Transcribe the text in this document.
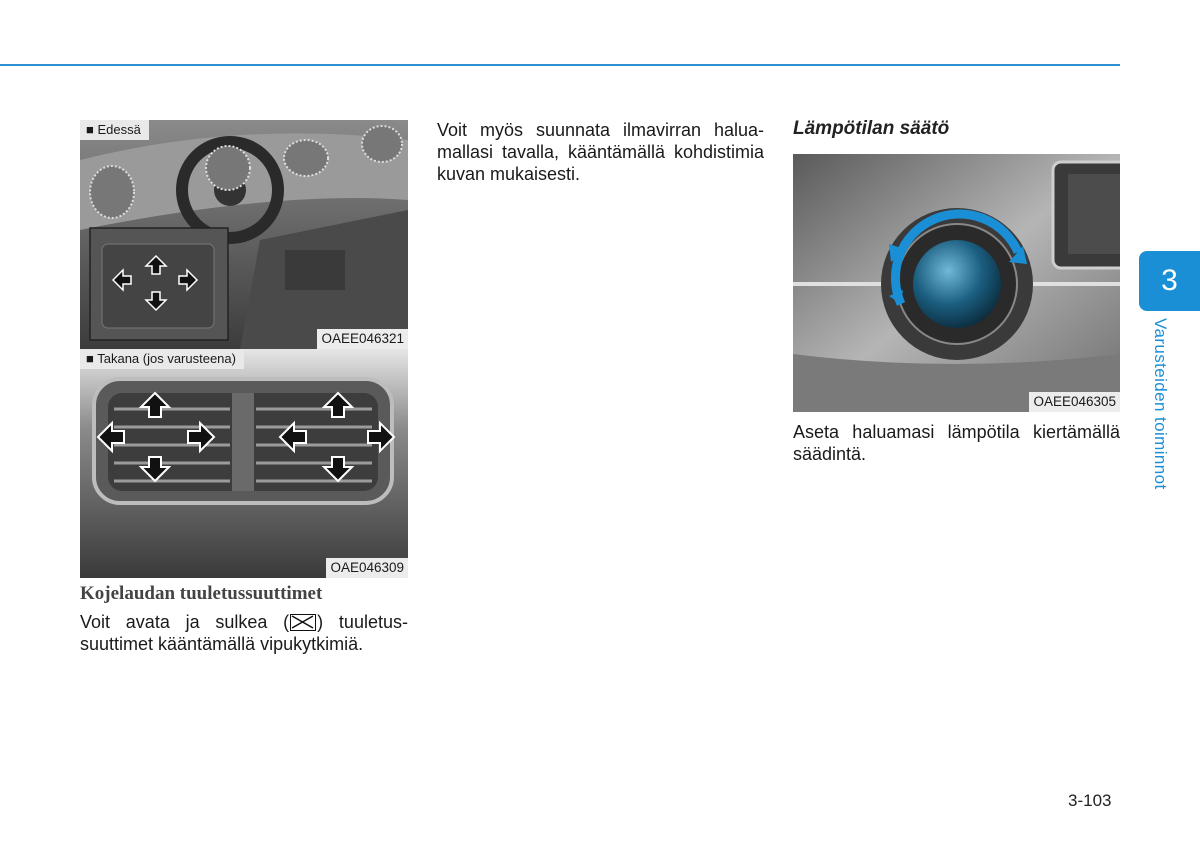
■ Edessä
OAEE046321
■ Takana (jos varusteena)
OAE046309
Kojelaudan tuuletussuuttimet

Voit avata ja sulkea ( ) tuuletussuuttimet kääntämällä vipukytkimiä.

Voit myös suunnata ilmavirran haluamallasi tavalla, kääntämällä kohdistimia kuvan mukaisesti.

Lämpötilan säätö
OAEE046305

Aseta haluamasi lämpötila kiertämällä säädintä.

3
Varusteiden toiminnot
3-103
